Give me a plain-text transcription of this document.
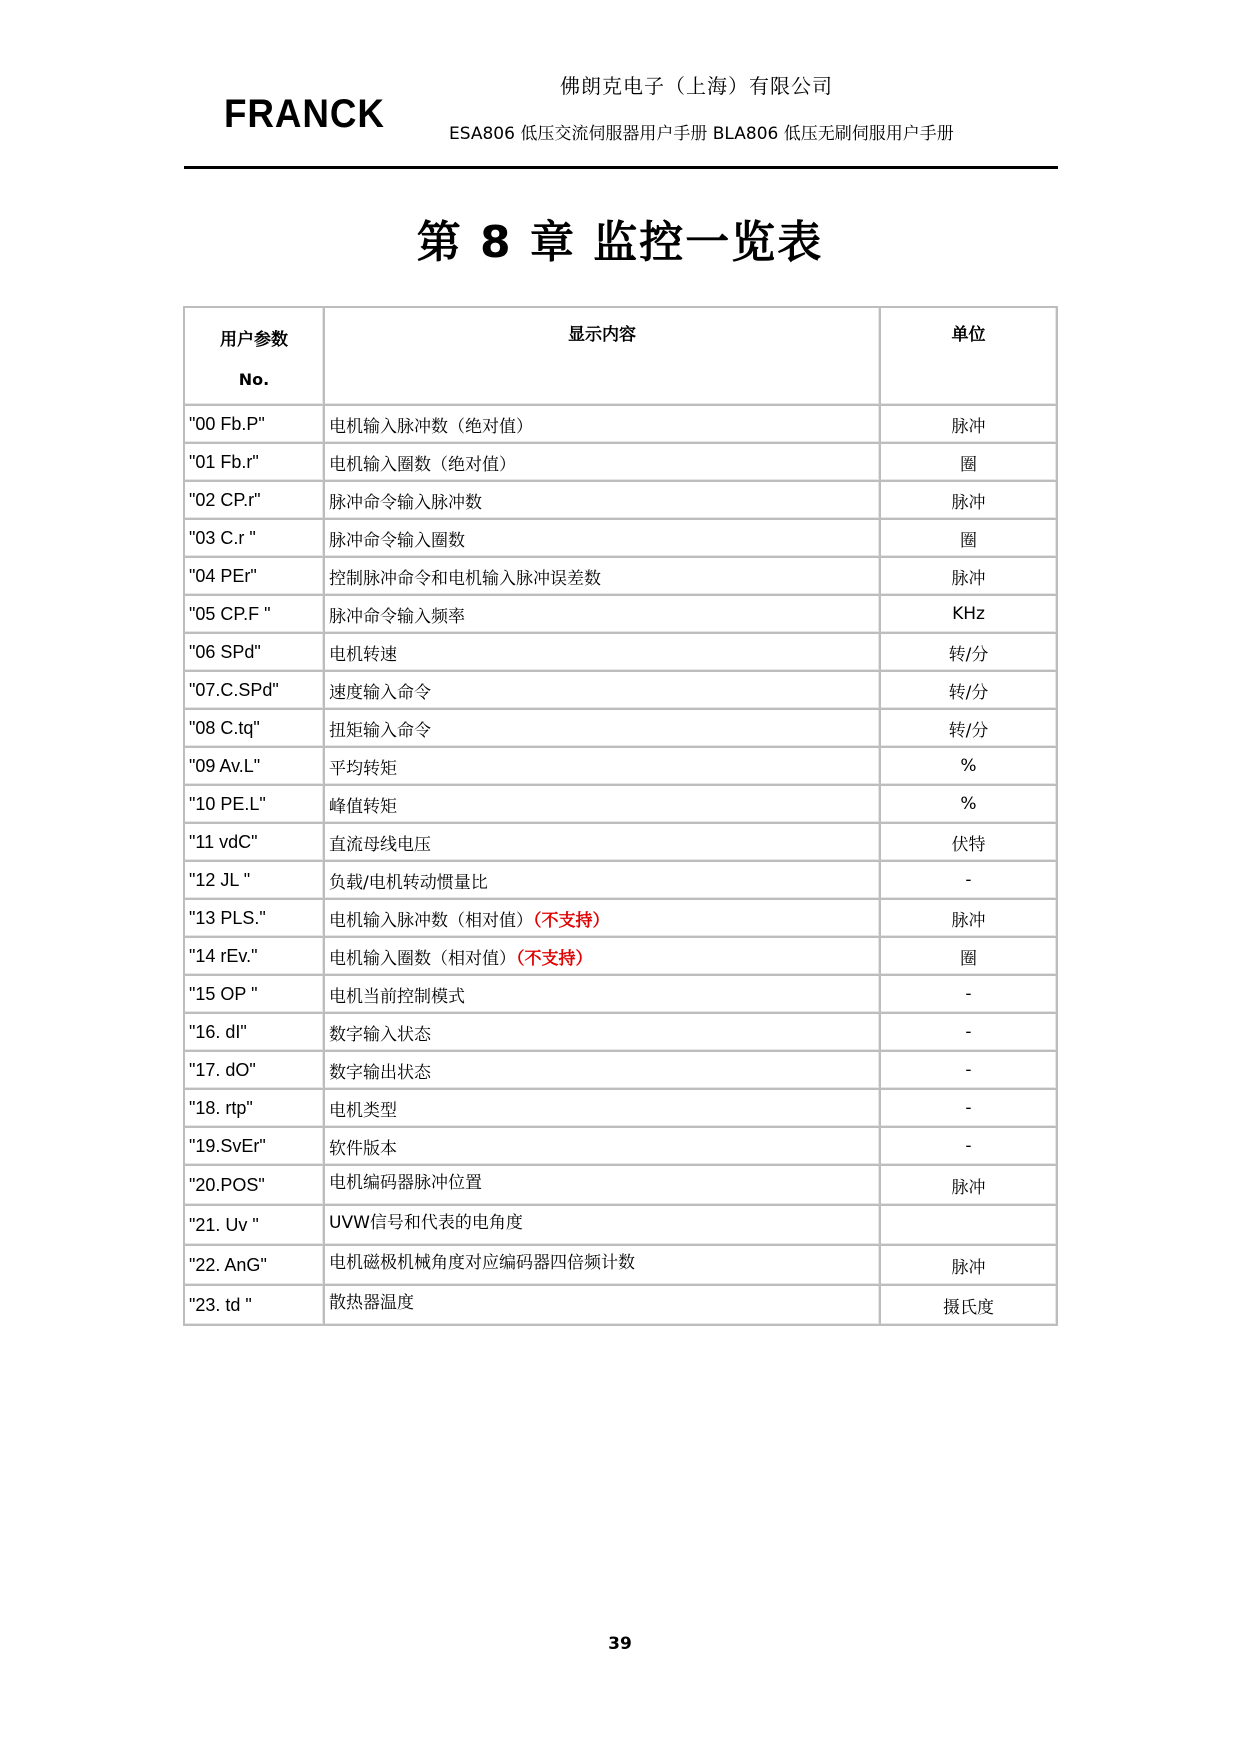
FRANCK
佛朗克电子（上海）有限公司
ESA806 低压交流伺服器用户手册 BLA806 低压无刷伺服用户手册
第 8 章 监控一览表
用户参数
No.	显示内容	单位
"00 Fb.P"	电机输入脉冲数（绝对值）	脉冲
"01 Fb.r"	电机输入圈数（绝对值）	圈
"02 CP.r"	脉冲命令输入脉冲数	脉冲
"03 C.r "	脉冲命令输入圈数	圈
"04 PEr"	控制脉冲命令和电机输入脉冲误差数	脉冲
"05 CP.F "	脉冲命令输入频率	KHz
"06 SPd"	电机转速	转/分
"07.C.SPd"	速度输入命令	转/分
"08 C.tq"	扭矩输入命令	转/分
"09 Av.L"	平均转矩	%
"10 PE.L"	峰值转矩	%
"11 vdC"	直流母线电压	伏特
"12 JL "	负载/电机转动惯量比	-
"13 PLS."	电机输入脉冲数（相对值）（不支持）	脉冲
"14 rEv."	电机输入圈数（相对值）（不支持）	圈
"15 OP "	电机当前控制模式	-
"16. dI"	数字输入状态	-
"17. dO"	数字输出状态	-
"18. rtp"	电机类型	-
"19.SvEr"	软件版本	-
"20.POS"	电机编码器脉冲位置	脉冲
"21. Uv "	UVW信号和代表的电角度	
"22. AnG"	电机磁极机械角度对应编码器四倍频计数	脉冲
"23. td "	散热器温度	摄氏度
39
